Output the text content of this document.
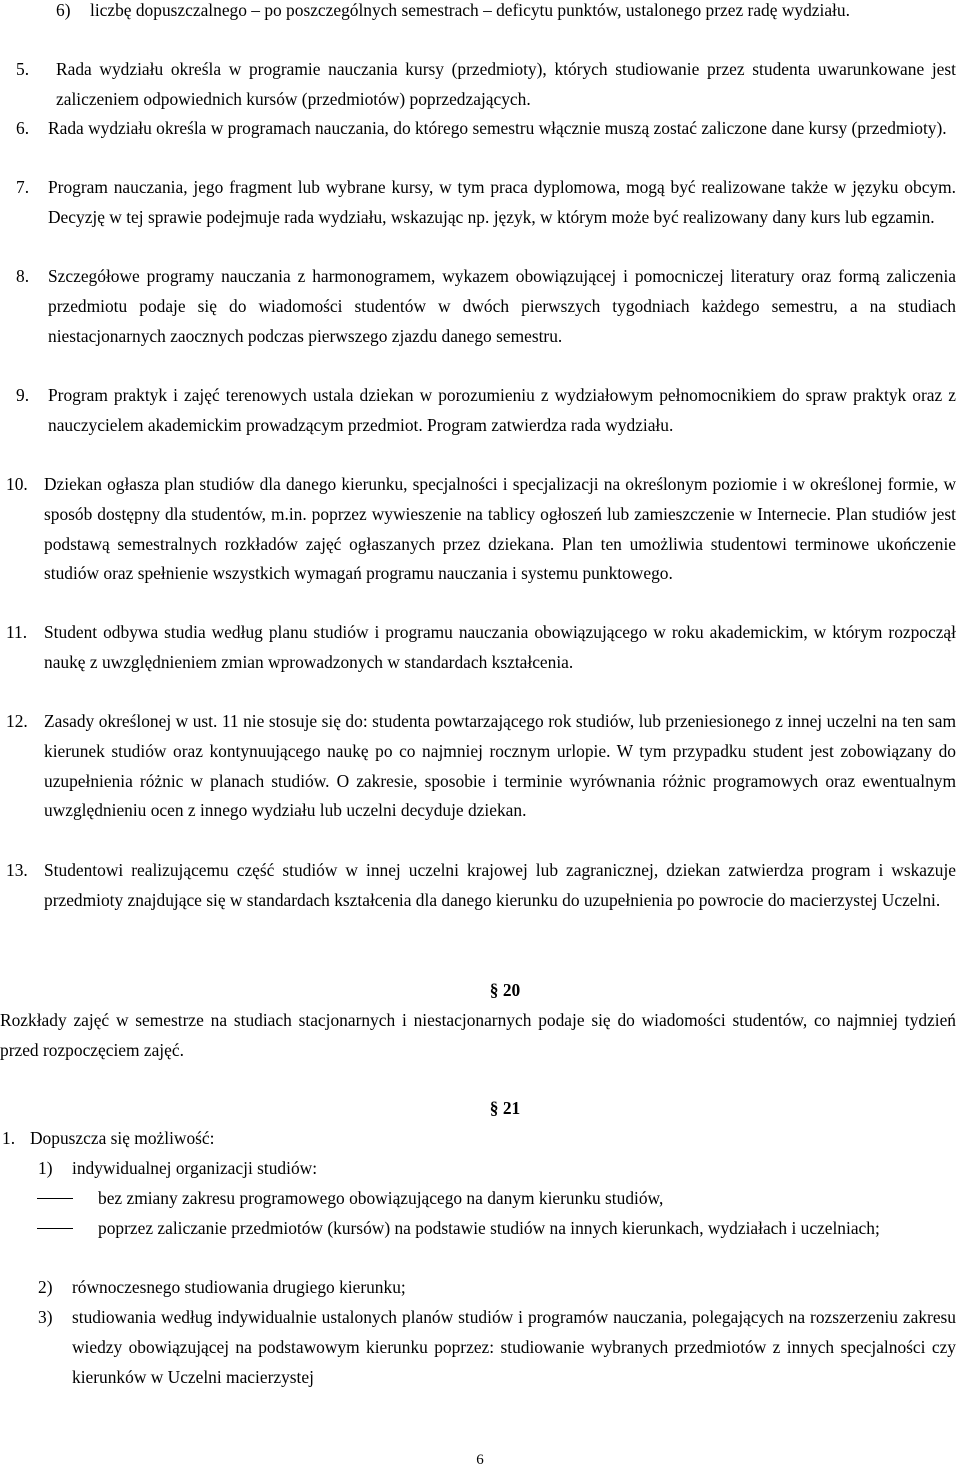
6) liczbę dopuszczalnego – po poszczególnych semestrach – deficytu punktów, ustalonego przez radę wydziału.
5. Rada wydziału określa w programie nauczania kursy (przedmioty), których studiowanie przez studenta uwarunkowane jest zaliczeniem odpowiednich kursów (przedmiotów) poprzedzających.
6. Rada wydziału określa w programach nauczania, do którego semestru włącznie muszą zostać zaliczone dane kursy (przedmioty).
7. Program nauczania, jego fragment lub wybrane kursy, w tym praca dyplomowa, mogą być realizowane także w języku obcym. Decyzję w tej sprawie podejmuje rada wydziału, wskazując np. język, w którym może być realizowany dany kurs lub egzamin.
8. Szczegółowe programy nauczania z harmonogramem, wykazem obowiązującej i pomocniczej literatury oraz formą zaliczenia przedmiotu podaje się do wiadomości studentów w dwóch pierwszych tygodniach każdego semestru, a na studiach niestacjonarnych zaocznych podczas pierwszego zjazdu danego semestru.
9. Program praktyk i zajęć terenowych ustala dziekan w porozumieniu z wydziałowym pełnomocnikiem do spraw praktyk oraz z nauczycielem akademickim prowadzącym przedmiot. Program zatwierdza rada wydziału.
10. Dziekan ogłasza plan studiów dla danego kierunku, specjalności i specjalizacji na określonym poziomie i w określonej formie, w sposób dostępny dla studentów, m.in. poprzez wywieszenie na tablicy ogłoszeń lub zamieszczenie w Internecie. Plan studiów jest podstawą semestralnych rozkładów zajęć ogłaszanych przez dziekana. Plan ten umożliwia studentowi terminowe ukończenie studiów oraz spełnienie wszystkich wymagań programu nauczania i systemu punktowego.
11. Student odbywa studia według planu studiów i programu nauczania obowiązującego w roku akademickim, w którym rozpoczął naukę z uwzględnieniem zmian wprowadzonych w standardach kształcenia.
12. Zasady określonej w ust. 11 nie stosuje się do: studenta powtarzającego rok studiów, lub przeniesionego z innej uczelni na ten sam kierunek studiów oraz kontynuującego naukę po co najmniej rocznym urlopie. W tym przypadku student jest zobowiązany do uzupełnienia różnic w planach studiów. O zakresie, sposobie i terminie wyrównania różnic programowych oraz ewentualnym uwzględnieniu ocen z innego wydziału lub uczelni decyduje dziekan.
13. Studentowi realizującemu część studiów w innej uczelni krajowej lub zagranicznej, dziekan zatwierdza program i wskazuje przedmioty znajdujące się w standardach kształcenia dla danego kierunku do uzupełnienia po powrocie do macierzystej Uczelni.
§ 20
Rozkłady zajęć w semestrze na studiach stacjonarnych i niestacjonarnych podaje się do wiadomości studentów, co najmniej tydzień przed rozpoczęciem zajęć.
§ 21
1. Dopuszcza się możliwość:
1) indywidualnej organizacji studiów:
bez zmiany zakresu programowego obowiązującego na danym kierunku studiów,
poprzez zaliczanie przedmiotów (kursów) na podstawie studiów na innych kierunkach, wydziałach i uczelniach;
2) równoczesnego studiowania drugiego kierunku;
3) studiowania według indywidualnie ustalonych planów studiów i programów nauczania, polegających na rozszerzeniu zakresu wiedzy obowiązującej na podstawowym kierunku poprzez: studiowanie wybranych przedmiotów z innych specjalności czy kierunków w Uczelni macierzystej
6
